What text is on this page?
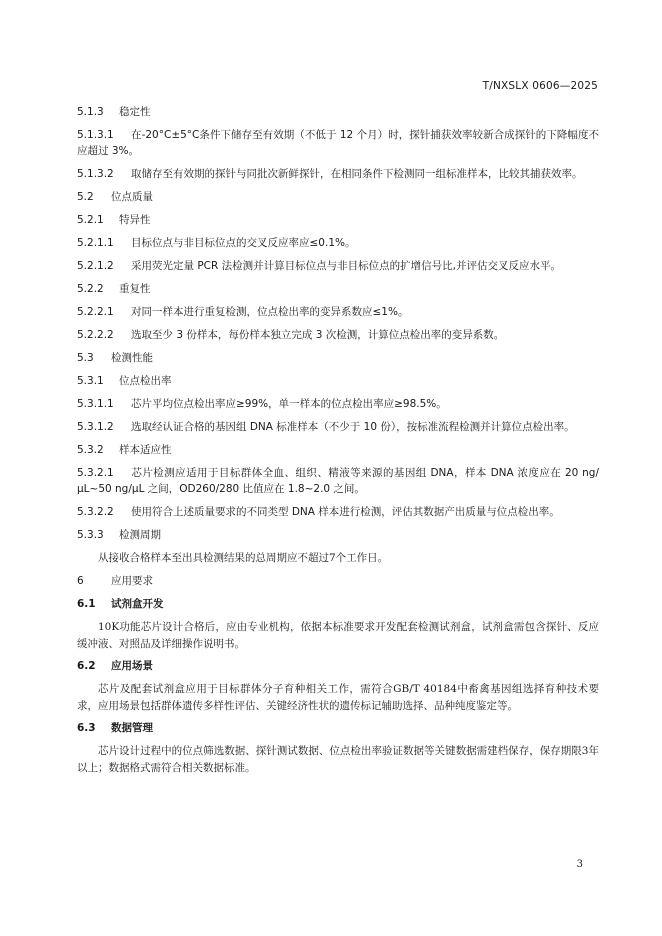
T/NXSLX 0606—2025
5.1.3 稳定性
5.1.3.1 在-20°C±5°C条件下储存至有效期（不低于 12 个月）时，探针捕获效率较新合成探针的下降幅度不应超过 3%。
5.1.3.2 取储存至有效期的探针与同批次新鲜探针，在相同条件下检测同一组标准样本，比较其捕获效率。
5.2 位点质量
5.2.1 特异性
5.2.1.1 目标位点与非目标位点的交叉反应率应≤0.1%。
5.2.1.2 采用荧光定量 PCR 法检测并计算目标位点与非目标位点的扩增信号比,并评估交叉反应水平。
5.2.2 重复性
5.2.2.1 对同一样本进行重复检测，位点检出率的变异系数应≤1%。
5.2.2.2 选取至少 3 份样本，每份样本独立完成 3 次检测，计算位点检出率的变异系数。
5.3 检测性能
5.3.1 位点检出率
5.3.1.1 芯片平均位点检出率应≥99%，单一样本的位点检出率应≥98.5%。
5.3.1.2 选取经认证合格的基因组 DNA 标准样本（不少于 10 份），按标准流程检测并计算位点检出率。
5.3.2 样本适应性
5.3.2.1 芯片检测应适用于目标群体全血、组织、精液等来源的基因组 DNA，样本 DNA 浓度应在 20 ng/μL~50 ng/μL 之间，OD260/280 比值应在 1.8~2.0 之间。
5.3.2.2 使用符合上述质量要求的不同类型 DNA 样本进行检测，评估其数据产出质量与位点检出率。
5.3.3 检测周期
从接收合格样本至出具检测结果的总周期应不超过7个工作日。
6	应用要求
6.1 试剂盒开发
10K功能芯片设计合格后，应由专业机构，依据本标准要求开发配套检测试剂盒，试剂盒需包含探针、反应缓冲液、对照品及详细操作说明书。
6.2 应用场景
芯片及配套试剂盒应用于目标群体分子育种相关工作，需符合GB/T 40184中畜禽基因组选择育种技术要求，应用场景包括群体遗传多样性评估、关键经济性状的遗传标记辅助选择、品种纯度鉴定等。
6.3 数据管理
芯片设计过程中的位点筛选数据、探针测试数据、位点检出率验证数据等关键数据需建档保存，保存期限3年以上；数据格式需符合相关数据标准。
3
